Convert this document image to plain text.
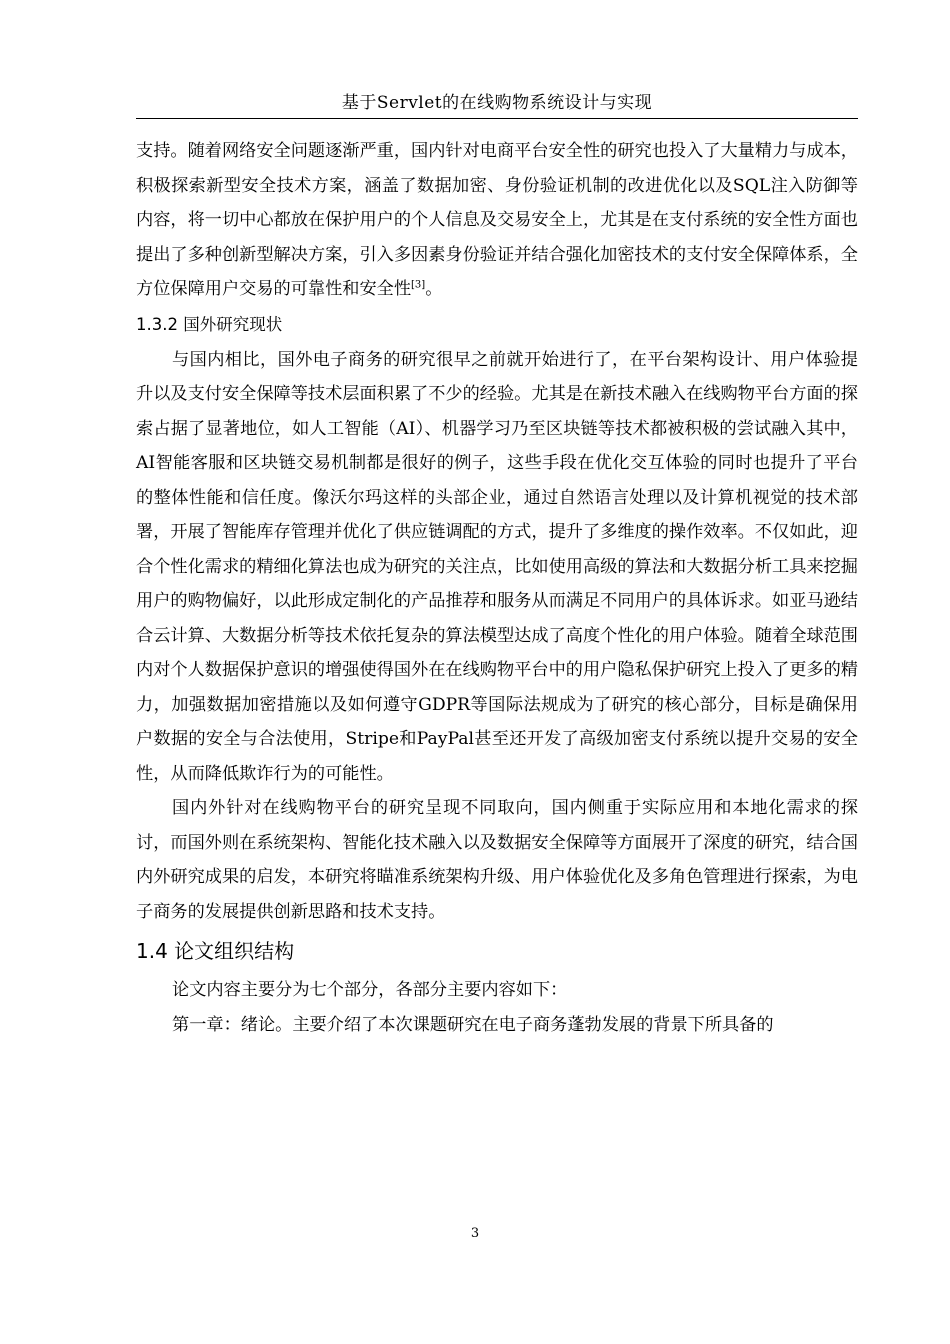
基于Servlet的在线购物系统设计与实现

支持。随着网络安全问题逐渐严重，国内针对电商平台安全性的研究也投入了大量精力与成本，积极探索新型安全技术方案，涵盖了数据加密、身份验证机制的改进优化以及SQL注入防御等内容，将一切中心都放在保护用户的个人信息及交易安全上，尤其是在支付系统的安全性方面也提出了多种创新型解决方案，引入多因素身份验证并结合强化加密技术的支付安全保障体系，全方位保障用户交易的可靠性和安全性[3]。

1.3.2 国外研究现状

与国内相比，国外电子商务的研究很早之前就开始进行了，在平台架构设计、用户体验提升以及支付安全保障等技术层面积累了不少的经验。尤其是在新技术融入在线购物平台方面的探索占据了显著地位，如人工智能（AI）、机器学习乃至区块链等技术都被积极的尝试融入其中，AI智能客服和区块链交易机制都是很好的例子，这些手段在优化交互体验的同时也提升了平台的整体性能和信任度。像沃尔玛这样的头部企业，通过自然语言处理以及计算机视觉的技术部署，开展了智能库存管理并优化了供应链调配的方式，提升了多维度的操作效率。不仅如此，迎合个性化需求的精细化算法也成为研究的关注点，比如使用高级的算法和大数据分析工具来挖掘用户的购物偏好，以此形成定制化的产品推荐和服务从而满足不同用户的具体诉求。如亚马逊结合云计算、大数据分析等技术依托复杂的算法模型达成了高度个性化的用户体验。随着全球范围内对个人数据保护意识的增强使得国外在在线购物平台中的用户隐私保护研究上投入了更多的精力，加强数据加密措施以及如何遵守GDPR等国际法规成为了研究的核心部分，目标是确保用户数据的安全与合法使用，Stripe和PayPal甚至还开发了高级加密支付系统以提升交易的安全性，从而降低欺诈行为的可能性。

国内外针对在线购物平台的研究呈现不同取向，国内侧重于实际应用和本地化需求的探讨，而国外则在系统架构、智能化技术融入以及数据安全保障等方面展开了深度的研究，结合国内外研究成果的启发，本研究将瞄准系统架构升级、用户体验优化及多角色管理进行探索，为电子商务的发展提供创新思路和技术支持。

1.4 论文组织结构

论文内容主要分为七个部分，各部分主要内容如下：

第一章：绪论。主要介绍了本次课题研究在电子商务蓬勃发展的背景下所具备的

3
